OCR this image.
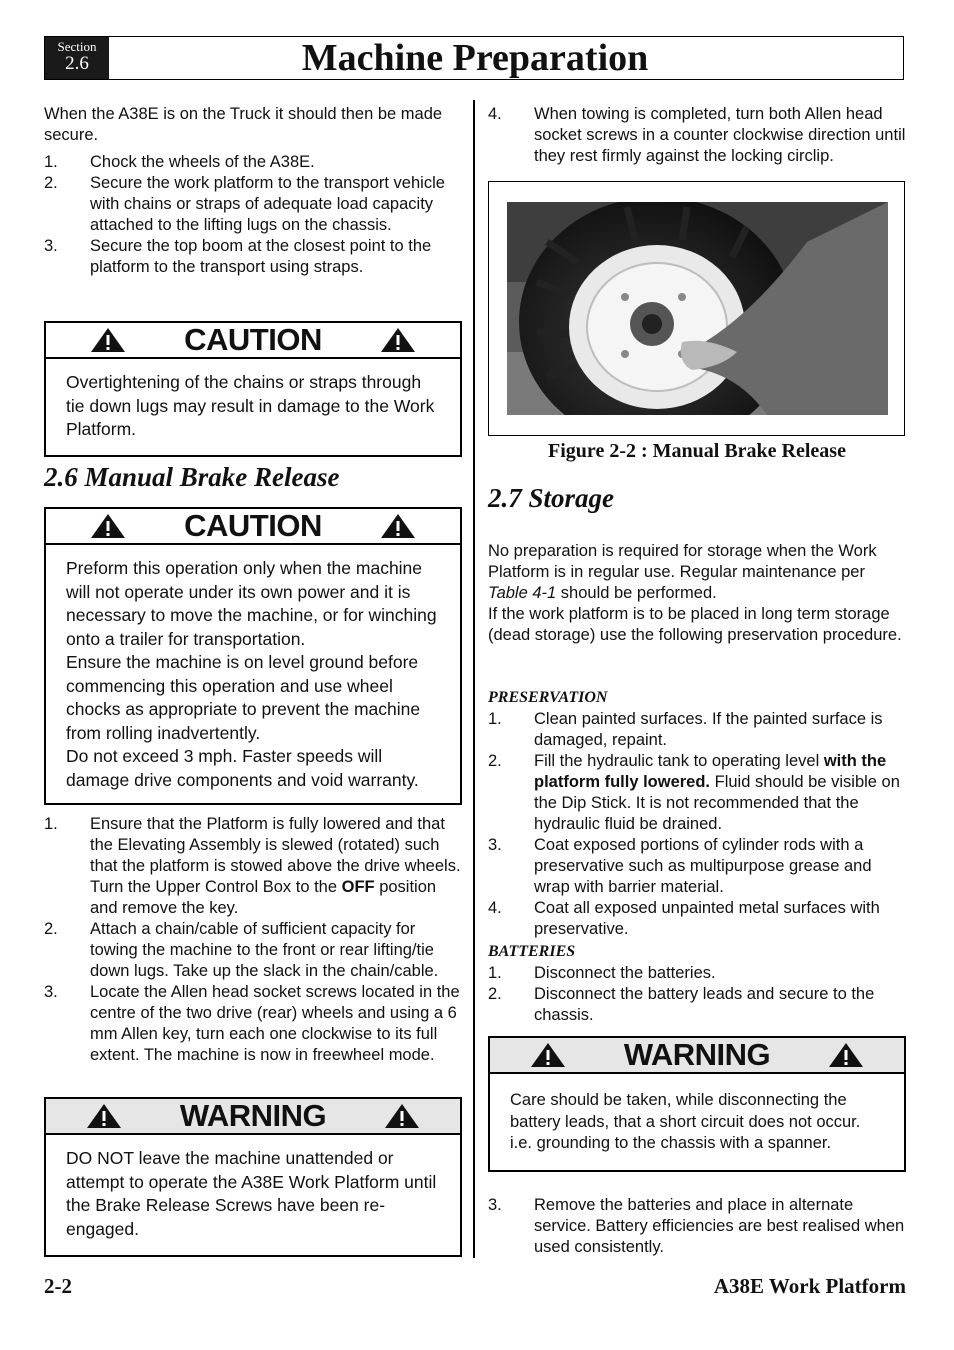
Section
2.6	Machine Preparation
When the A38E is on the Truck it should then be made secure.
1. Chock the wheels of the A38E.
2. Secure the work platform to the transport vehicle with chains or straps of adequate load capacity attached to the lifting lugs on the chassis.
3. Secure the top boom at the closest point to the platform to the transport using straps.
CAUTION
Overtightening of the chains or straps through tie down lugs may result in damage to the Work Platform.
2.6 Manual Brake Release
CAUTION
Preform this operation only when the machine will not operate under its own power and it is necessary to move the machine, or for winching onto a trailer for transportation.
Ensure the machine is on level ground before commencing this operation and use wheel chocks as appropriate to prevent the machine from rolling inadvertently.
Do not exceed 3 mph. Faster speeds will damage drive components and void warranty.
1. Ensure that the Platform is fully lowered and that the Elevating Assembly is slewed (rotated) such that the platform is stowed above the drive wheels. Turn the Upper Control Box to the OFF position and remove the key.
2. Attach a chain/cable of sufficient capacity for towing the machine to the front or rear lifting/tie down lugs. Take up the slack in the chain/cable.
3. Locate the Allen head socket screws located in the centre of the two drive (rear) wheels and using a 6 mm Allen key, turn each one clockwise to its full extent. The machine is now in freewheel mode.
WARNING
DO NOT leave the machine unattended or attempt to operate the A38E Work Platform until the Brake Release Screws have been re-engaged.
4. When towing is completed, turn both Allen head socket screws in a counter clockwise direction until they rest firmly against the locking circlip.
Figure 2-2 : Manual Brake Release
2.7 Storage
No preparation is required for storage when the Work Platform is in regular use. Regular maintenance per Table 4-1 should be performed.
If the work platform is to be placed in long term storage (dead storage) use the following preservation procedure.
PRESERVATION
1. Clean painted surfaces. If the painted surface is damaged, repaint.
2. Fill the hydraulic tank to operating level with the platform fully lowered. Fluid should be visible on the Dip Stick. It is not recommended that the hydraulic fluid be drained.
3. Coat exposed portions of cylinder rods with a preservative such as multipurpose grease and wrap with barrier material.
4. Coat all exposed unpainted metal surfaces with preservative.
BATTERIES
1. Disconnect the batteries.
2. Disconnect the battery leads and secure to the chassis.
WARNING
Care should be taken, while disconnecting the battery leads, that a short circuit does not occur. i.e. grounding to the chassis with a spanner.
3. Remove the batteries and place in alternate service. Battery efficiencies are best realised when used consistently.
2-2	A38E Work Platform
